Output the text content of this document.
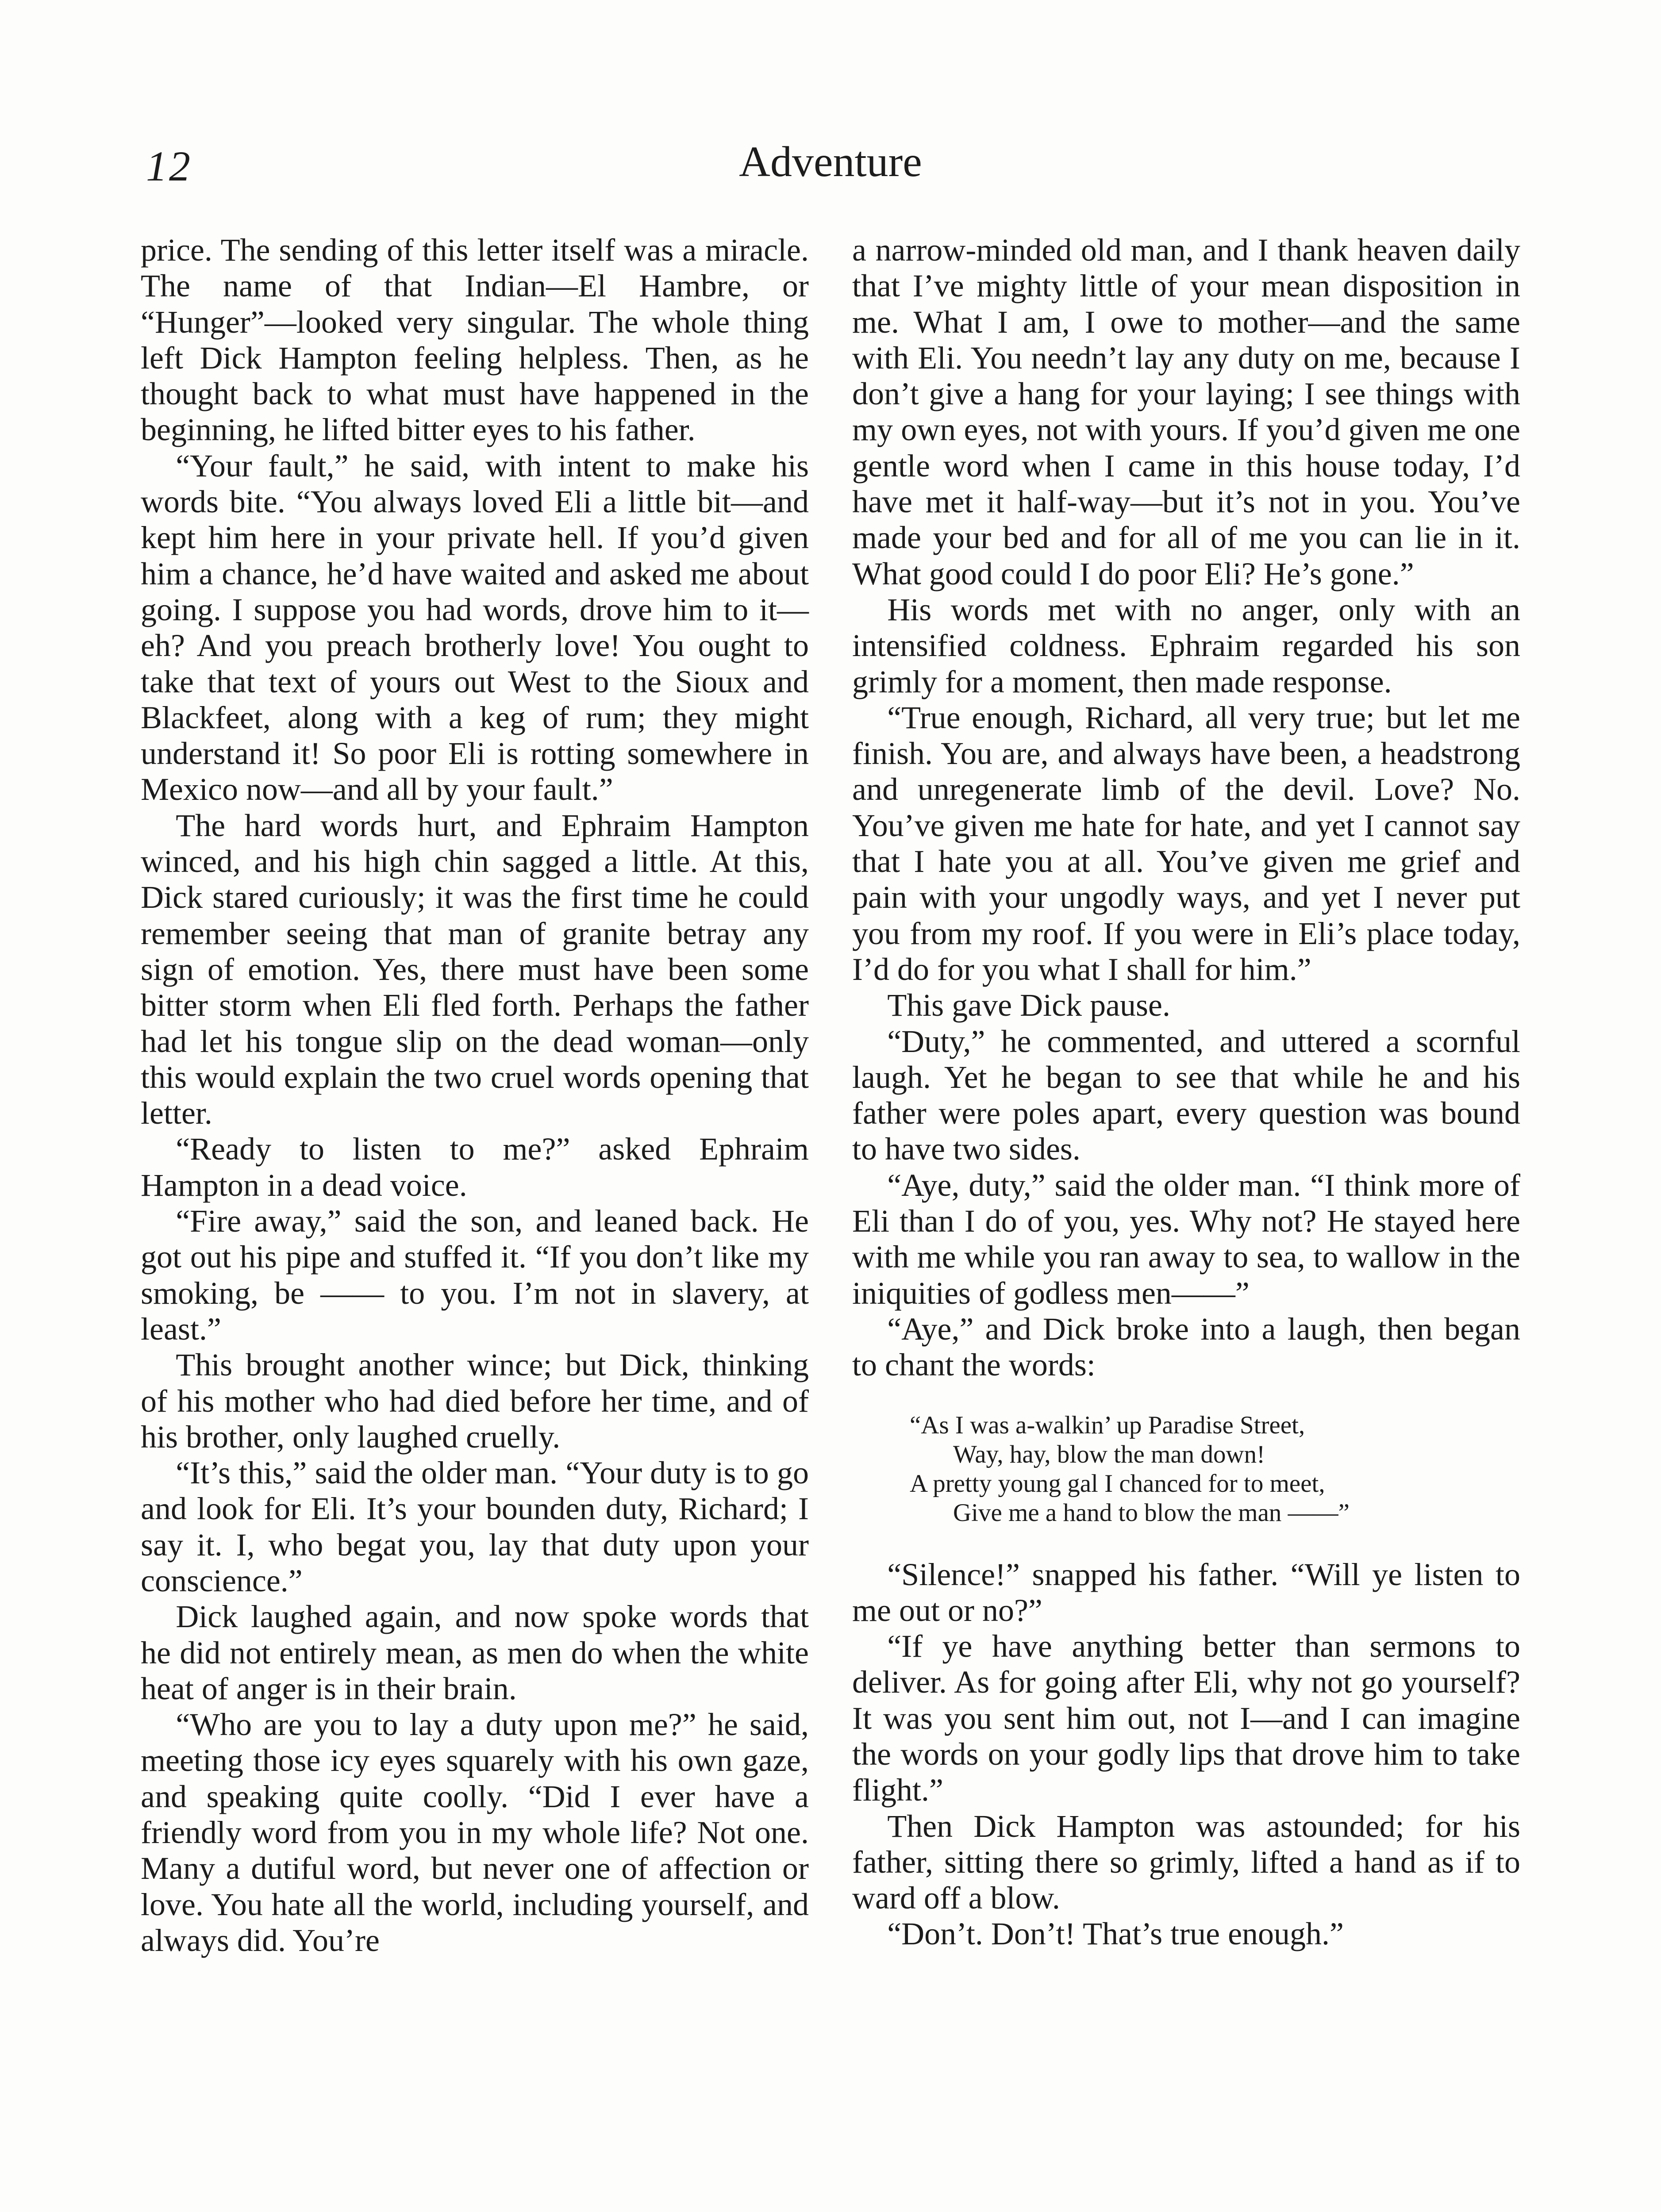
12	Adventure

price. The sending of this letter itself was a miracle. The name of that Indian—El Hambre, or “Hunger”—looked very singular. The whole thing left Dick Hampton feeling helpless. Then, as he thought back to what must have happened in the beginning, he lifted bitter eyes to his father.

“Your fault,” he said, with intent to make his words bite. “You always loved Eli a little bit—and kept him here in your private hell. If you’d given him a chance, he’d have waited and asked me about going. I suppose you had words, drove him to it—eh? And you preach brotherly love! You ought to take that text of yours out West to the Sioux and Blackfeet, along with a keg of rum; they might understand it! So poor Eli is rotting somewhere in Mexico now—and all by your fault.”

The hard words hurt, and Ephraim Hampton winced, and his high chin sagged a little. At this, Dick stared curiously; it was the first time he could remember seeing that man of granite betray any sign of emotion. Yes, there must have been some bitter storm when Eli fled forth. Perhaps the father had let his tongue slip on the dead woman—only this would explain the two cruel words opening that letter.

“Ready to listen to me?” asked Ephraim Hampton in a dead voice.

“Fire away,” said the son, and leaned back. He got out his pipe and stuffed it. “If you don’t like my smoking, be —— to you. I’m not in slavery, at least.”

This brought another wince; but Dick, thinking of his mother who had died before her time, and of his brother, only laughed cruelly.

“It’s this,” said the older man. “Your duty is to go and look for Eli. It’s your bounden duty, Richard; I say it. I, who begat you, lay that duty upon your conscience.”

Dick laughed again, and now spoke words that he did not entirely mean, as men do when the white heat of anger is in their brain.

“Who are you to lay a duty upon me?” he said, meeting those icy eyes squarely with his own gaze, and speaking quite coolly. “Did I ever have a friendly word from you in my whole life? Not one. Many a dutiful word, but never one of affection or love. You hate all the world, including yourself, and always did. You’re

a narrow-minded old man, and I thank heaven daily that I’ve mighty little of your mean disposition in me. What I am, I owe to mother—and the same with Eli. You needn’t lay any duty on me, because I don’t give a hang for your laying; I see things with my own eyes, not with yours. If you’d given me one gentle word when I came in this house today, I’d have met it half-way—but it’s not in you. You’ve made your bed and for all of me you can lie in it. What good could I do poor Eli? He’s gone.”

His words met with no anger, only with an intensified coldness. Ephraim regarded his son grimly for a moment, then made response.

“True enough, Richard, all very true; but let me finish. You are, and always have been, a headstrong and unregenerate limb of the devil. Love? No. You’ve given me hate for hate, and yet I cannot say that I hate you at all. You’ve given me grief and pain with your ungodly ways, and yet I never put you from my roof. If you were in Eli’s place today, I’d do for you what I shall for him.”

This gave Dick pause.

“Duty,” he commented, and uttered a scornful laugh. Yet he began to see that while he and his father were poles apart, every question was bound to have two sides.

“Aye, duty,” said the older man. “I think more of Eli than I do of you, yes. Why not? He stayed here with me while you ran away to sea, to wallow in the iniquities of godless men——”

“Aye,” and Dick broke into a laugh, then began to chant the words:

“As I was a-walkin’ up Paradise Street,
Way, hay, blow the man down!
A pretty young gal I chanced for to meet,
Give me a hand to blow the man ——”

“Silence!” snapped his father. “Will ye listen to me out or no?”

“If ye have anything better than sermons to deliver. As for going after Eli, why not go yourself? It was you sent him out, not I—and I can imagine the words on your godly lips that drove him to take flight.”

Then Dick Hampton was astounded; for his father, sitting there so grimly, lifted a hand as if to ward off a blow.

“Don’t. Don’t! That’s true enough.”
